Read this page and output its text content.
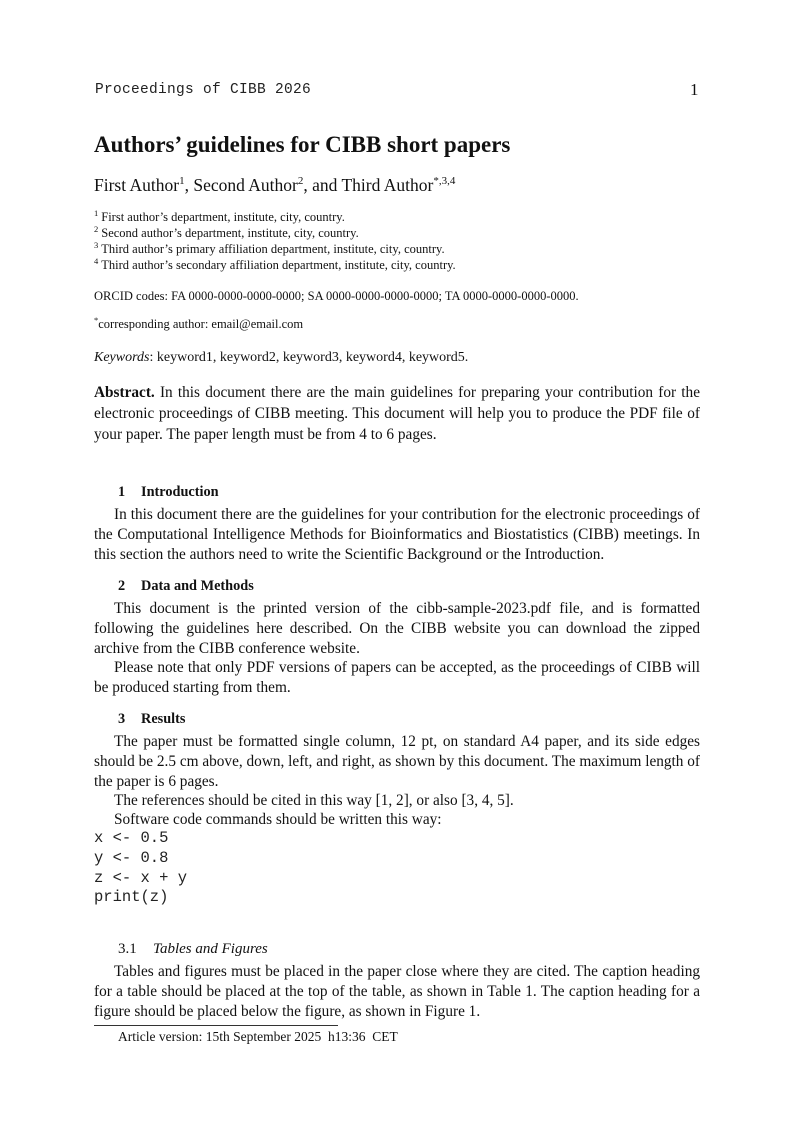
Proceedings of CIBB 2026	1
Authors’ guidelines for CIBB short papers
First Author$^1$, Second Author$^2$, and Third Author$^{*,3,4}$
$^1$ First author’s department, institute, city, country.
$^2$ Second author’s department, institute, city, country.
$^3$ Third author’s primary affiliation department, institute, city, country.
$^4$ Third author’s secondary affiliation department, institute, city, country.
ORCID codes: FA 0000-0000-0000-0000; SA 0000-0000-0000-0000; TA 0000-0000-0000-0000.
*corresponding author: email@email.com
Keywords: keyword1, keyword2, keyword3, keyword4, keyword5.

Abstract. In this document there are the main guidelines for preparing your contribution for the electronic proceedings of CIBB meeting. This document will help you to produce the PDF file of your paper. The paper length must be from 4 to 6 pages.

1 Introduction

In this document there are the guidelines for your contribution for the electronic proceedings of the Computational Intelligence Methods for Bioinformatics and Biostatistics (CIBB) meetings. In this section the authors need to write the Scientific Background or the Introduction.

2 Data and Methods

This document is the printed version of the cibb-sample-2023.pdf file, and is formatted following the guidelines here described. On the CIBB website you can download the zipped archive from the CIBB conference website.

Please note that only PDF versions of papers can be accepted, as the proceedings of CIBB will be produced starting from them.

3 Results

The paper must be formatted single column, 12 pt, on standard A4 paper, and its side edges should be 2.5 cm above, down, left, and right, as shown by this document. The maximum length of the paper is 6 pages.

The references should be cited in this way [1, 2], or also [3, 4, 5].

Software code commands should be written this way:

x <- 0.5
y <- 0.8
z <- x + y
print(z)
3.1 Tables and Figures

Tables and figures must be placed in the paper close where they are cited. The caption heading for a table should be placed at the top of the table, as shown in Table 1. The caption heading for a figure should be placed below the figure, as shown in Figure 1.

Article version: 15th September 2025  h13:36  CET
